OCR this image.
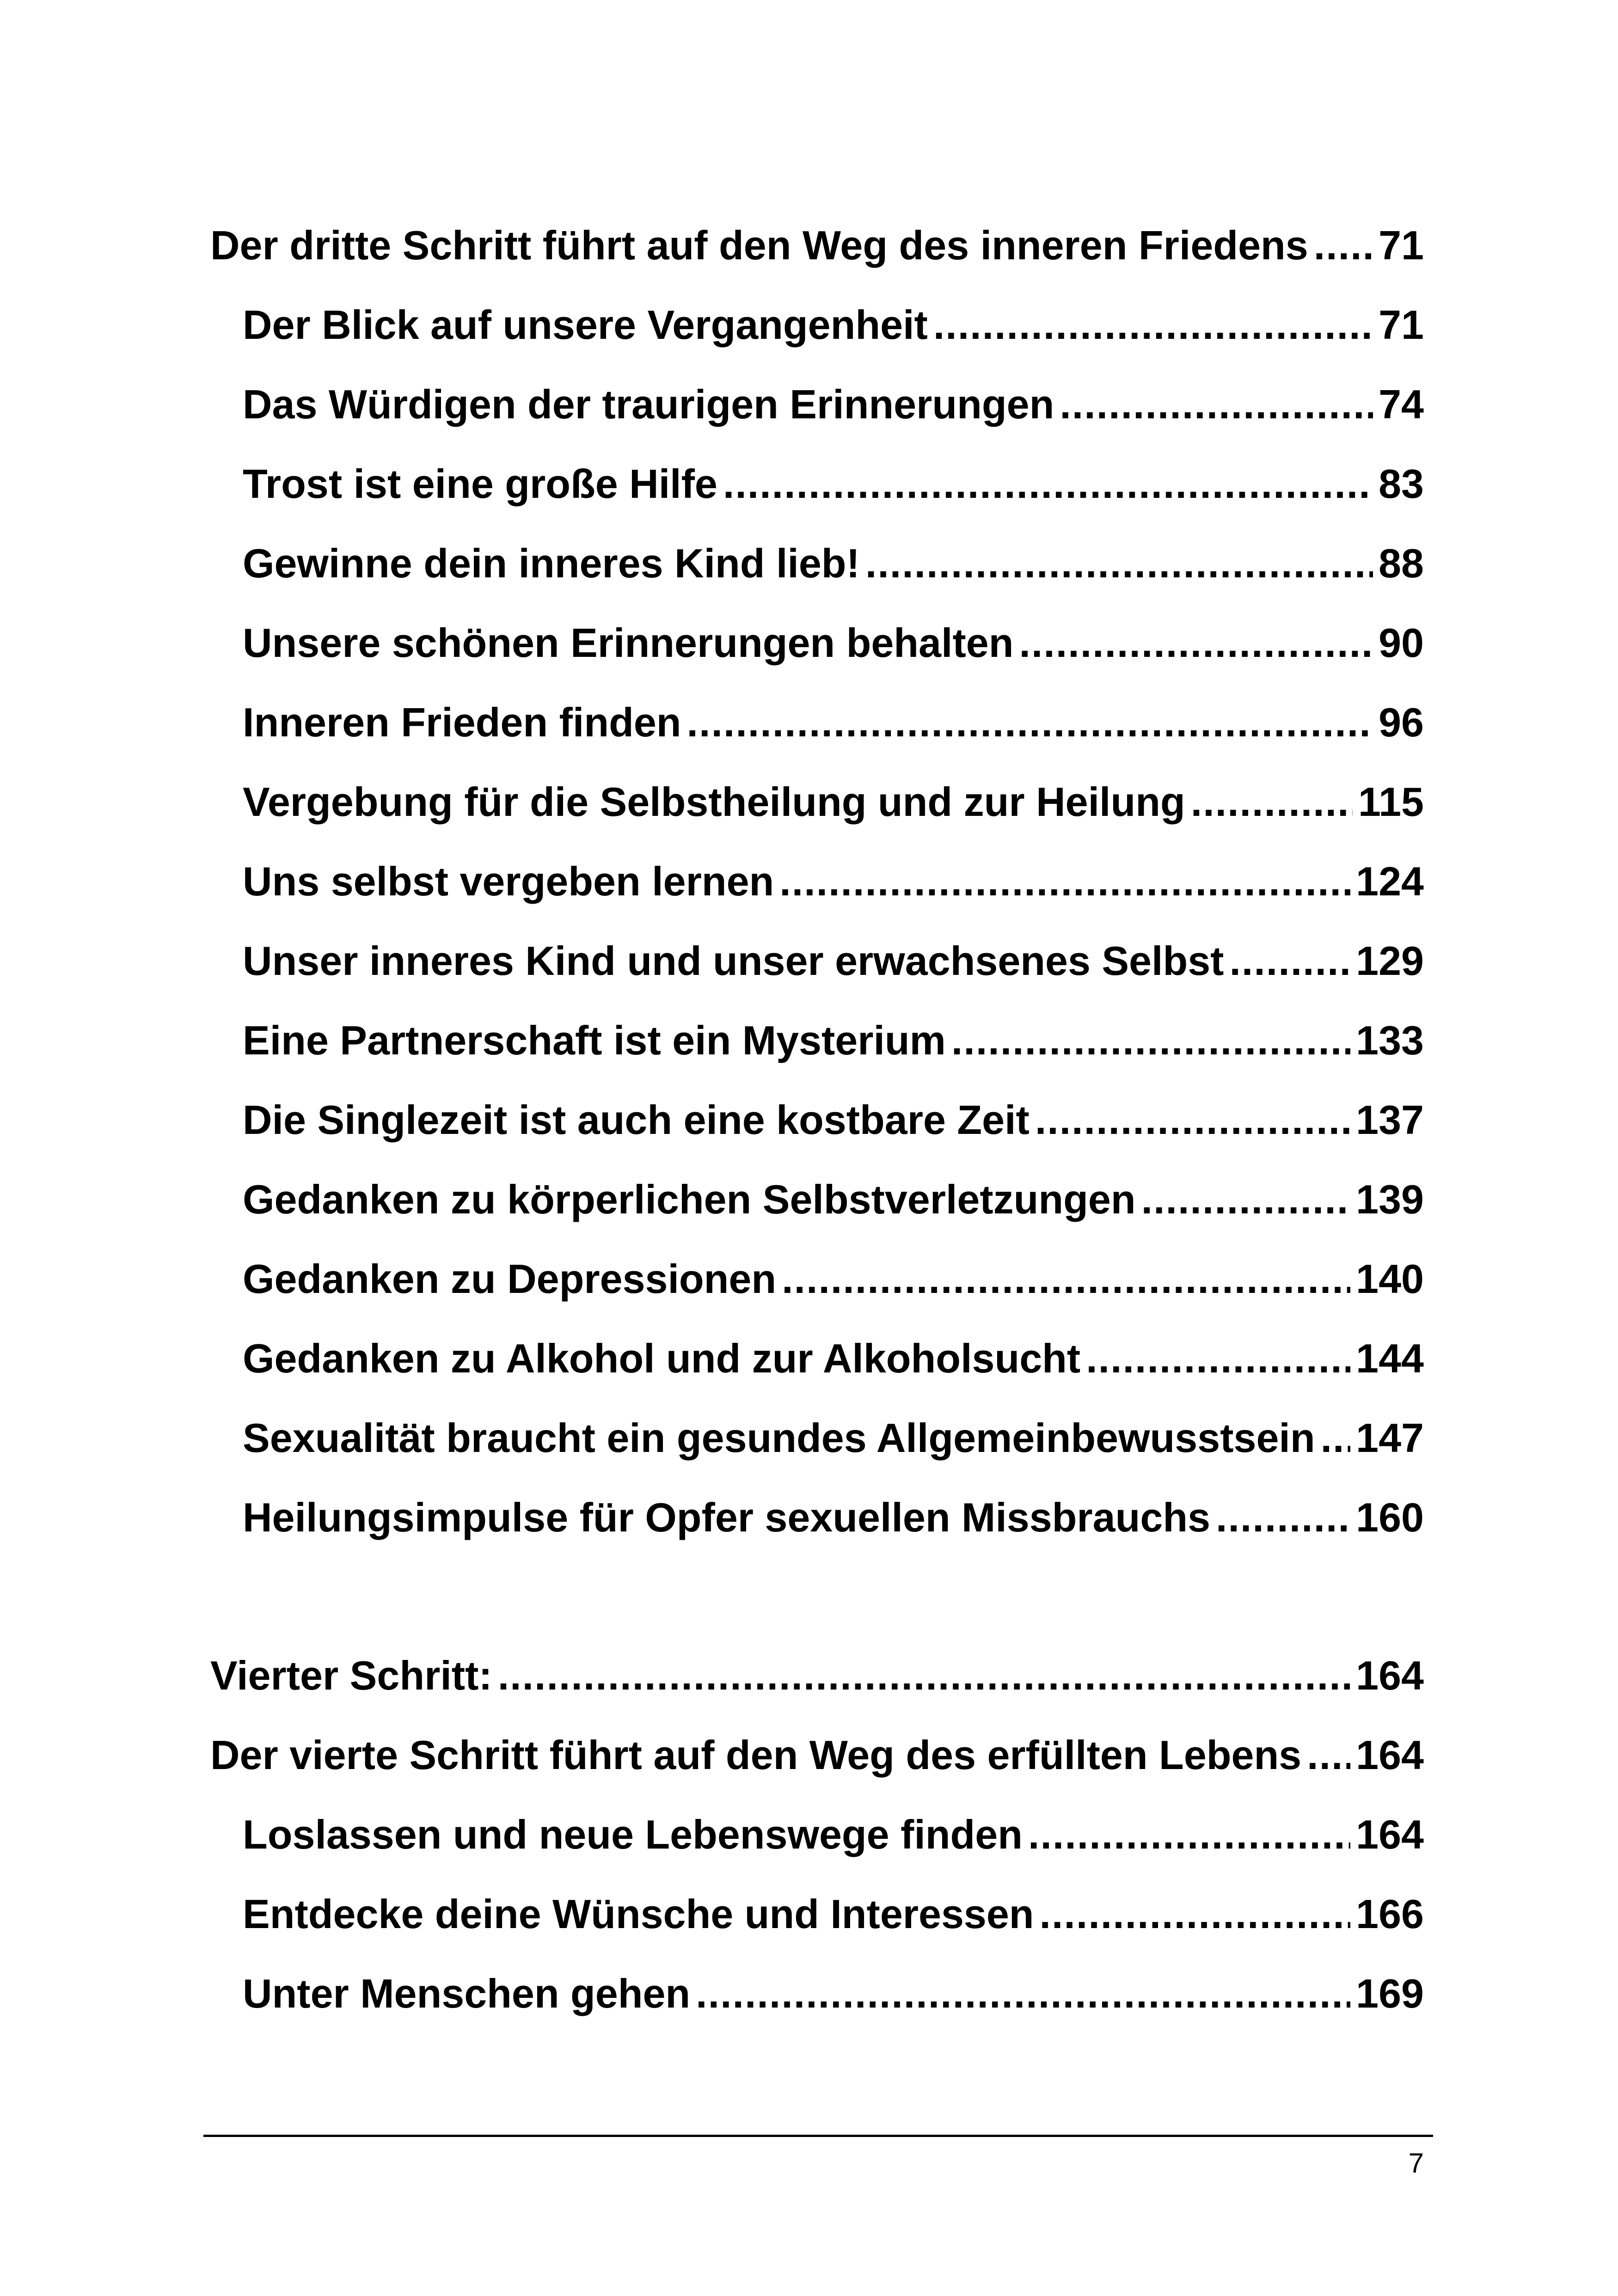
Der dritte Schritt führt auf den Weg des inneren Friedens ..... 71
Der Blick auf unsere Vergangenheit .....	71
Das Würdigen der traurigen Erinnerungen .....	74
Trost ist eine große Hilfe .....	83
Gewinne dein inneres Kind lieb! .....	88
Unsere schönen Erinnerungen behalten .....	90
Inneren Frieden finden .....	96
Vergebung für die Selbstheilung und zur Heilung .....	115
Uns selbst vergeben lernen .....	124
Unser inneres Kind und unser erwachsenes Selbst .....	129
Eine Partnerschaft ist ein Mysterium .....	133
Die Singlezeit ist auch eine kostbare Zeit .....	137
Gedanken zu körperlichen Selbstverletzungen .....	139
Gedanken zu Depressionen .....	140
Gedanken zu Alkohol und zur Alkoholsucht .....	144
Sexualität braucht ein gesundes Allgemeinbewusstsein ..... 147
Heilungsimpulse für Opfer sexuellen Missbrauchs .....	160
Vierter Schritt: .....	164
Der vierte Schritt führt auf den Weg des erfüllten Lebens ..... 164
Loslassen und neue Lebenswege finden .....	164
Entdecke deine Wünsche und Interessen .....	166
Unter Menschen gehen .....	169
7
